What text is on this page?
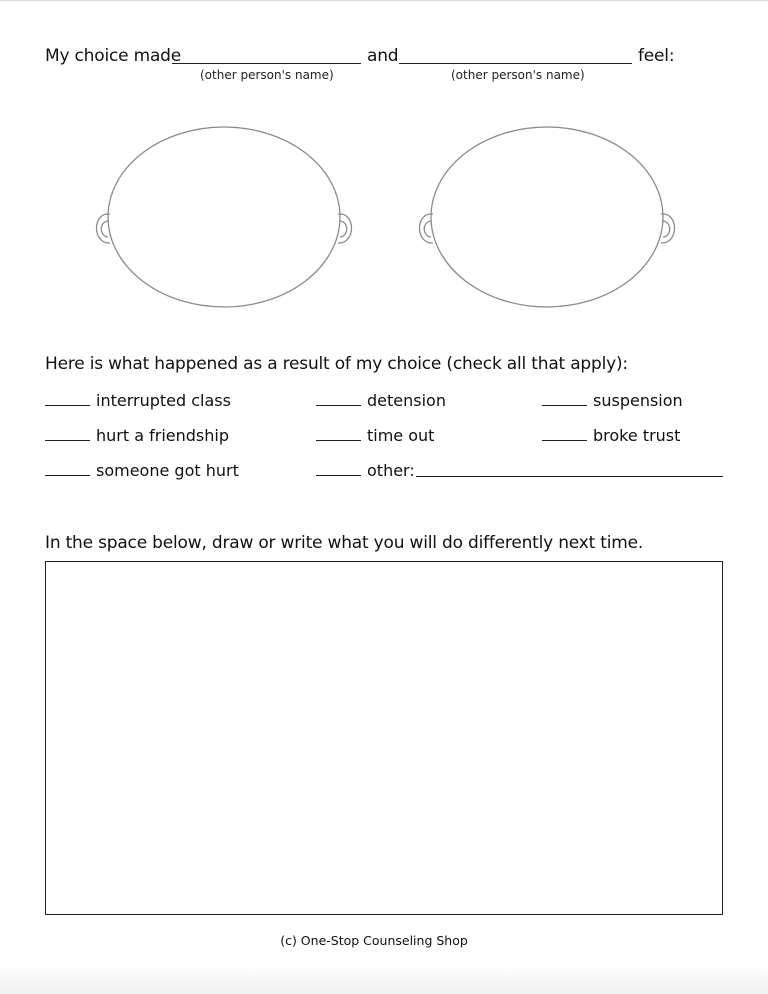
My choice made	and	feel:
(other person's name)	(other person's name)
Here is what happened as a result of my choice (check all that apply):
interrupted class	detension	suspension
hurt a friendship	time out	broke trust
someone got hurt	other:
In the space below, draw or write what you will do differently next time.
(c) One-Stop Counseling Shop
